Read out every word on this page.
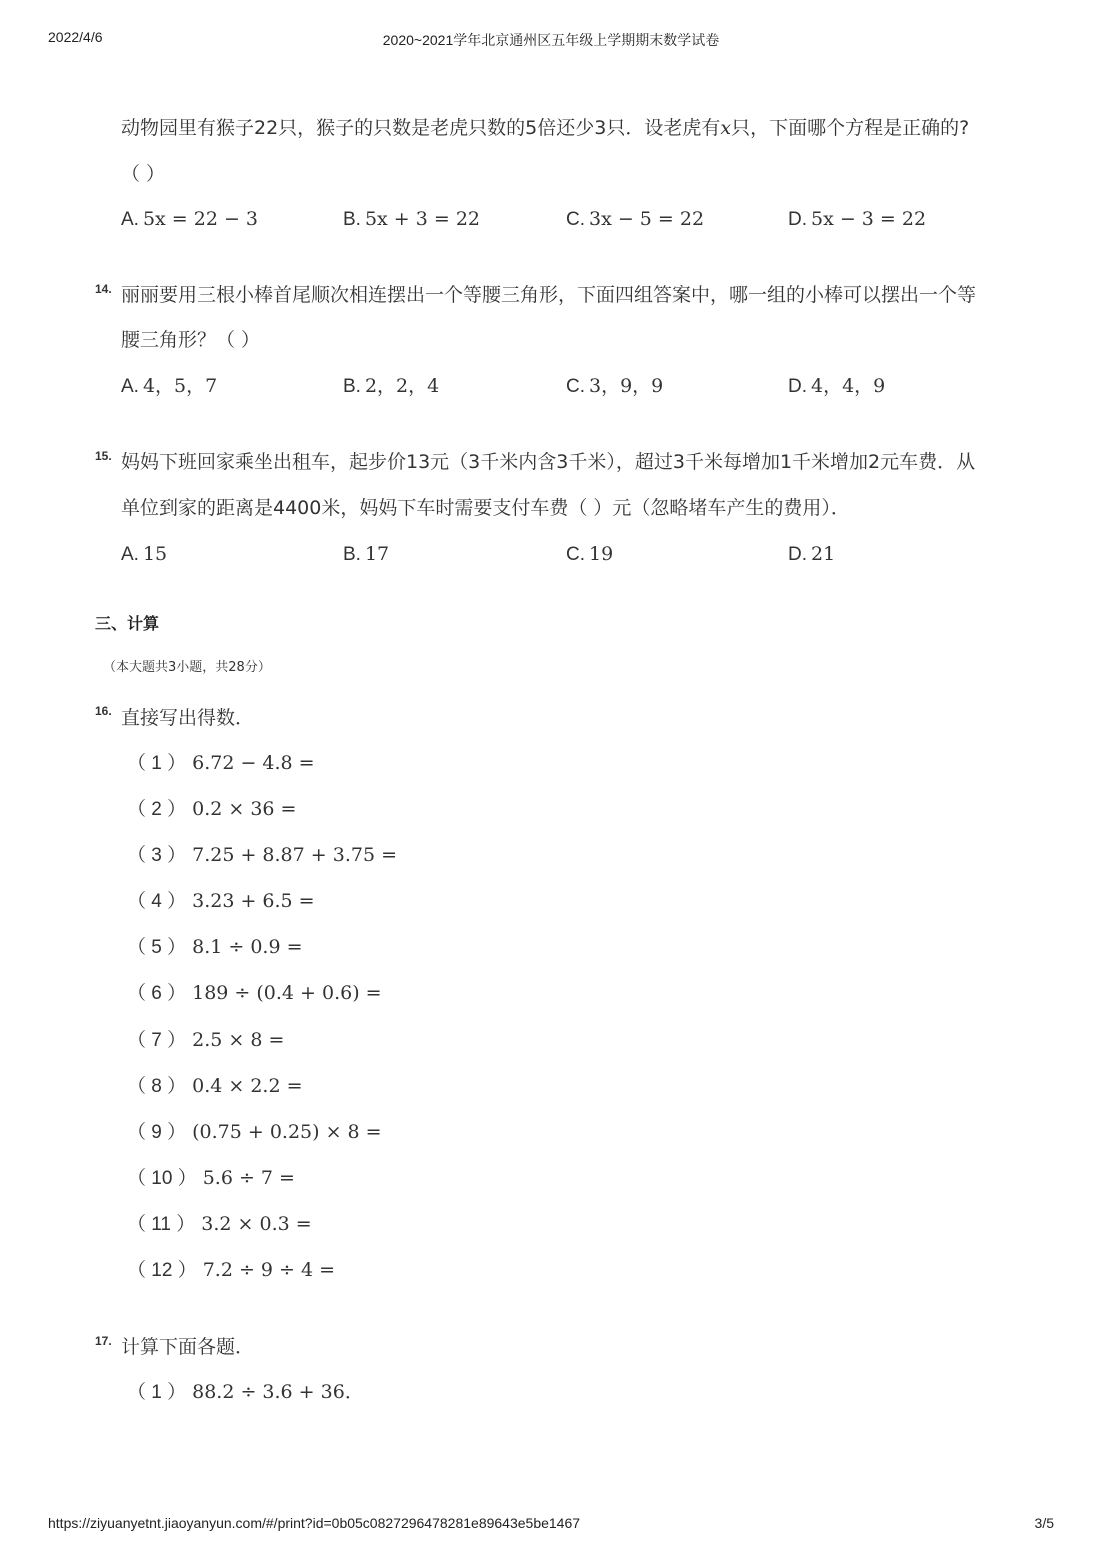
2022/4/6	2020~2021学年北京通州区五年级上学期期末数学试卷
动物园里有猴子22只，猴子的只数是老虎只数的5倍还少3只．设老虎有x只，下面哪个方程是正确的?
（ ）
A. 5x = 22 − 3	B. 5x + 3 = 22	C. 3x − 5 = 22	D. 5x − 3 = 22
14. 丽丽要用三根小棒首尾顺次相连摆出一个等腰三角形，下面四组答案中，哪一组的小棒可以摆出一个等
腰三角形？（ ）
A. 4，5，7	B. 2，2，4	C. 3，9，9	D. 4，4，9
15. 妈妈下班回家乘坐出租车，起步价13元（3千米内含3千米），超过3千米每增加1千米增加2元车费．从
单位到家的距离是4400米，妈妈下车时需要支付车费（ ）元（忽略堵车产生的费用）．
A. 15	B. 17	C. 19	D. 21
三、计算
（本大题共3小题，共28分）
16. 直接写出得数．
（ 1 ） 6.72 − 4.8 =
（ 2 ） 0.2 × 36 =
（ 3 ） 7.25 + 8.87 + 3.75 =
（ 4 ） 3.23 + 6.5 =
（ 5 ） 8.1 ÷ 0.9 =
（ 6 ） 189 ÷ (0.4 + 0.6) =
（ 7 ） 2.5 × 8 =
（ 8 ） 0.4 × 2.2 =
（ 9 ） (0.75 + 0.25) × 8 =
（ 10 ） 5.6 ÷ 7 =
（ 11 ） 3.2 × 0.3 =
（ 12 ） 7.2 ÷ 9 ÷ 4 =
17. 计算下面各题．
（ 1 ） 88.2 ÷ 3.6 + 36．
https://ziyuanyetnt.jiaoyanyun.com/#/print?id=0b05c0827296478281e89643e5be1467	3/5
